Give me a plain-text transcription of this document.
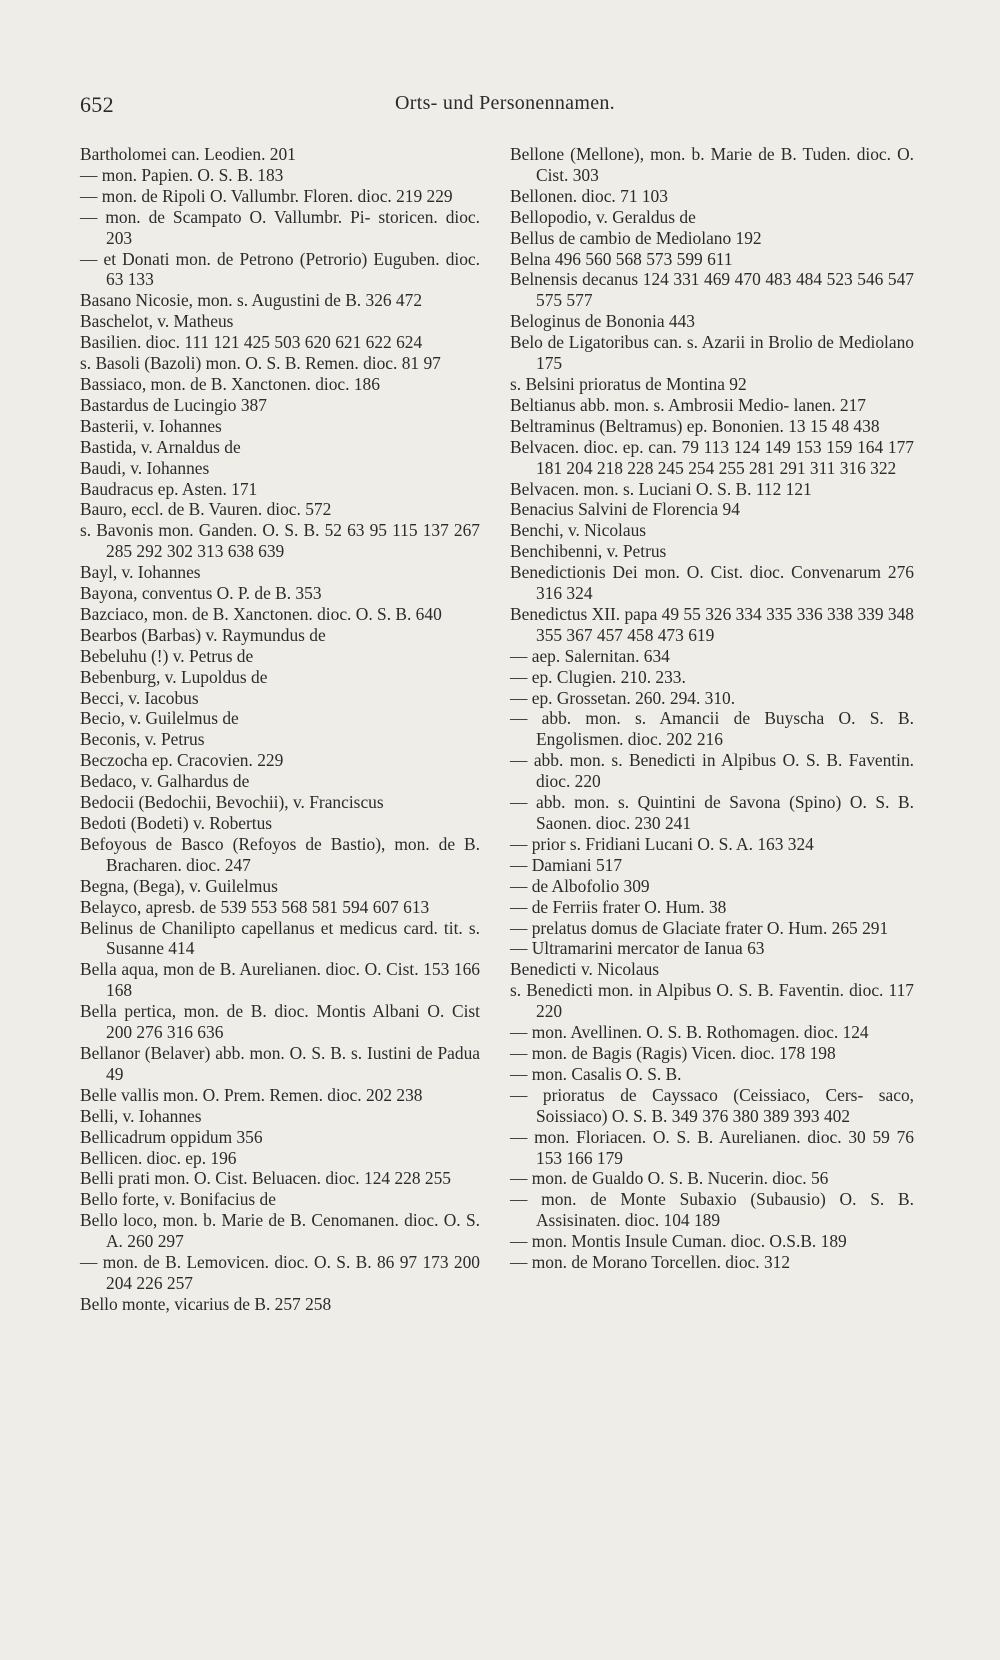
652	Orts- und Personennamen.
Bartholomei can. Leodien. 201
— mon. Papien. O. S. B. 183
— mon. de Ripoli O. Vallumbr. Floren. dioc. 219 229
— mon. de Scampato O. Vallumbr. Pi- storicen. dioc. 203
— et Donati mon. de Petrono (Petrorio) Euguben. dioc. 63 133
Basano Nicosie, mon. s. Augustini de B. 326 472
Baschelot, v. Matheus
Basilien. dioc. 111 121 425 503 620 621 622 624
s. Basoli (Bazoli) mon. O. S. B. Remen. dioc. 81 97
Bassiaco, mon. de B. Xanctonen. dioc. 186
Bastardus de Lucingio 387
Basterii, v. Iohannes
Bastida, v. Arnaldus de
Baudi, v. Iohannes
Baudracus ep. Asten. 171
Bauro, eccl. de B. Vauren. dioc. 572
s. Bavonis mon. Ganden. O. S. B. 52 63 95 115 137 267 285 292 302 313 638 639
Bayl, v. Iohannes
Bayona, conventus O. P. de B. 353
Bazciaco, mon. de B. Xanctonen. dioc. O. S. B. 640
Bearbos (Barbas) v. Raymundus de
Bebeluhu (!) v. Petrus de
Bebenburg, v. Lupoldus de
Becci, v. Iacobus
Becio, v. Guilelmus de
Beconis, v. Petrus
Beczocha ep. Cracovien. 229
Bedaco, v. Galhardus de
Bedocii (Bedochii, Bevochii), v. Franciscus
Bedoti (Bodeti) v. Robertus
Befoyous de Basco (Refoyos de Bastio), mon. de B. Bracharen. dioc. 247
Begna, (Bega), v. Guilelmus
Belayco, apresb. de 539 553 568 581 594 607 613
Belinus de Chanilipto capellanus et medicus card. tit. s. Susanne 414
Bella aqua, mon de B. Aurelianen. dioc. O. Cist. 153 166 168
Bella pertica, mon. de B. dioc. Montis Albani O. Cist 200 276 316 636
Bellanor (Belaver) abb. mon. O. S. B. s. Iustini de Padua 49
Belle vallis mon. O. Prem. Remen. dioc. 202 238
Belli, v. Iohannes
Bellicadrum oppidum 356
Bellicen. dioc. ep. 196
Belli prati mon. O. Cist. Beluacen. dioc. 124 228 255
Bello forte, v. Bonifacius de
Bello loco, mon. b. Marie de B. Cenomanen. dioc. O. S. A. 260 297
— mon. de B. Lemovicen. dioc. O. S. B. 86 97 173 200 204 226 257
Bello monte, vicarius de B. 257 258
Bellone (Mellone), mon. b. Marie de B. Tuden. dioc. O. Cist. 303
Bellonen. dioc. 71 103
Bellopodio, v. Geraldus de
Bellus de cambio de Mediolano 192
Belna 496 560 568 573 599 611
Belnensis decanus 124 331 469 470 483 484 523 546 547 575 577
Beloginus de Bononia 443
Belo de Ligatoribus can. s. Azarii in Brolio de Mediolano 175
s. Belsini prioratus de Montina 92
Beltianus abb. mon. s. Ambrosii Medio- lanen. 217
Beltraminus (Beltramus) ep. Bononien. 13 15 48 438
Belvacen. dioc. ep. can. 79 113 124 149 153 159 164 177 181 204 218 228 245 254 255 281 291 311 316 322
Belvacen. mon. s. Luciani O. S. B. 112 121
Benacius Salvini de Florencia 94
Benchi, v. Nicolaus
Benchibenni, v. Petrus
Benedictionis Dei mon. O. Cist. dioc. Convenarum 276 316 324
Benedictus XII. papa 49 55 326 334 335 336 338 339 348 355 367 457 458 473 619
— aep. Salernitan. 634
— ep. Clugien. 210. 233.
— ep. Grossetan. 260. 294. 310.
— abb. mon. s. Amancii de Buyscha O. S. B. Engolismen. dioc. 202 216
— abb. mon. s. Benedicti in Alpibus O. S. B. Faventin. dioc. 220
— abb. mon. s. Quintini de Savona (Spino) O. S. B. Saonen. dioc. 230 241
— prior s. Fridiani Lucani O. S. A. 163 324
— Damiani 517
— de Albofolio 309
— de Ferriis frater O. Hum. 38
— prelatus domus de Glaciate frater O. Hum. 265 291
— Ultramarini mercator de Ianua 63
Benedicti v. Nicolaus
s. Benedicti mon. in Alpibus O. S. B. Faventin. dioc. 117 220
— mon. Avellinen. O. S. B. Rothomagen. dioc. 124
— mon. de Bagis (Ragis) Vicen. dioc. 178 198
— mon. Casalis O. S. B.
— prioratus de Cayssaco (Ceissiaco, Cers- saco, Soissiaco) O. S. B. 349 376 380 389 393 402
— mon. Floriacen. O. S. B. Aurelianen. dioc. 30 59 76 153 166 179
— mon. de Gualdo O. S. B. Nucerin. dioc. 56
— mon. de Monte Subaxio (Subausio) O. S. B. Assisinaten. dioc. 104 189
— mon. Montis Insule Cuman. dioc. O.S.B. 189
— mon. de Morano Torcellen. dioc. 312
